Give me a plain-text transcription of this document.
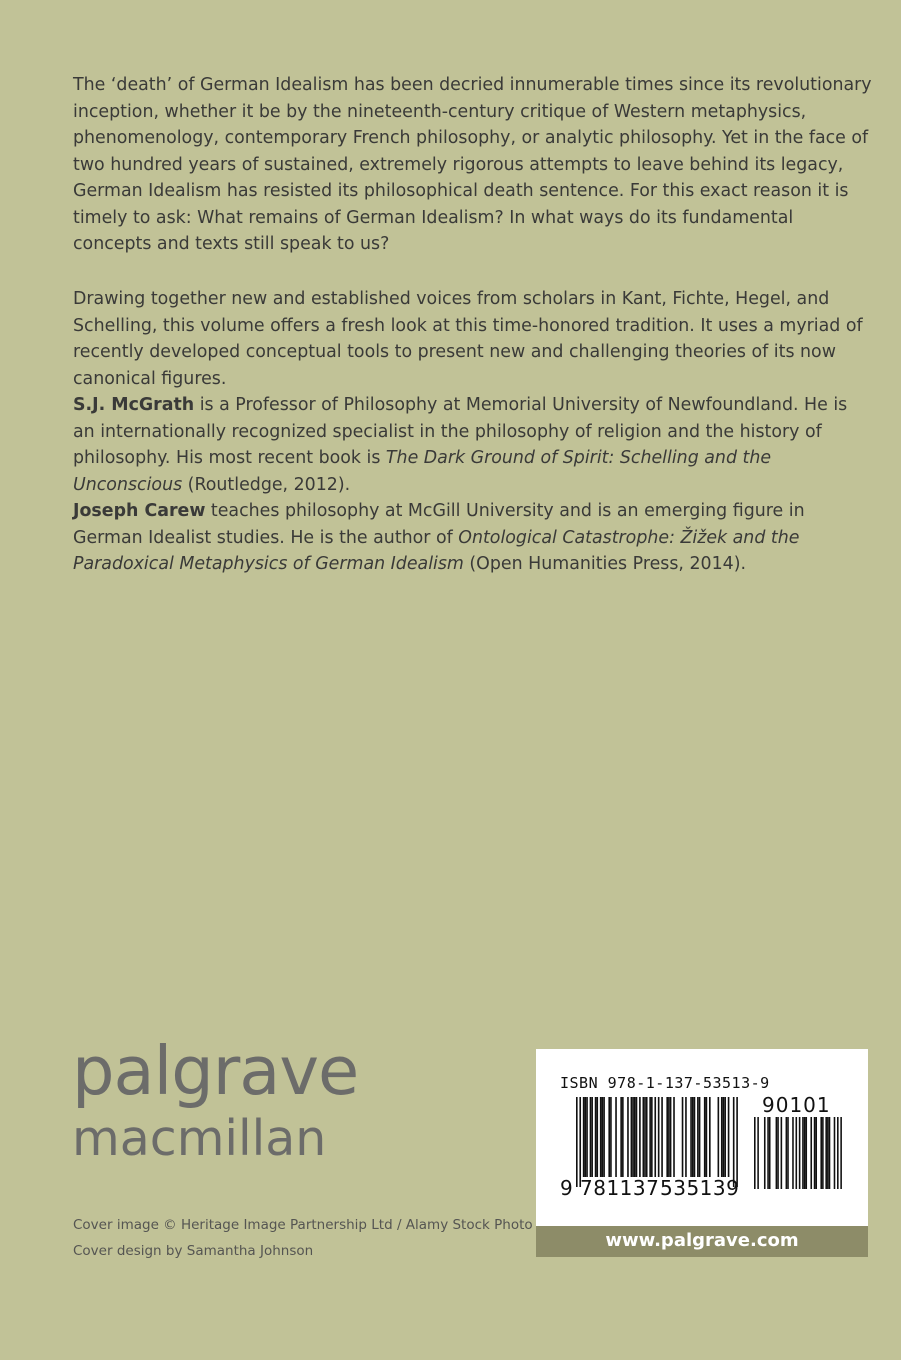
The ‘death’ of German Idealism has been decried innumerable times since its revolutionary inception, whether it be by the nineteenth-century critique of Western metaphysics, phenomenology, contemporary French philosophy, or analytic philosophy. Yet in the face of two hundred years of sustained, extremely rigorous attempts to leave behind its legacy, German Idealism has resisted its philosophical death sentence. For this exact reason it is timely to ask: What remains of German Idealism? In what ways do its fundamental concepts and texts still speak to us?

Drawing together new and established voices from scholars in Kant, Fichte, Hegel, and Schelling, this volume offers a fresh look at this time-honored tradition. It uses a myriad of recently developed conceptual tools to present new and challenging theories of its now canonical figures.

S.J. McGrath is a Professor of Philosophy at Memorial University of Newfoundland. He is an internationally recognized specialist in the philosophy of religion and the history of philosophy. His most recent book is The Dark Ground of Spirit: Schelling and the Unconscious (Routledge, 2012).

Joseph Carew teaches philosophy at McGill University and is an emerging figure in German Idealist studies. He is the author of Ontological Catastrophe: Žižek and the Paradoxical Metaphysics of German Idealism (Open Humanities Press, 2014).

palgrave
macmillan
Cover image © Heritage Image Partnership Ltd / Alamy Stock Photo
Cover design by Samantha Johnson
ISBN 978-1-137-53513-9
9 781137 535139
90101
www.palgrave.com
